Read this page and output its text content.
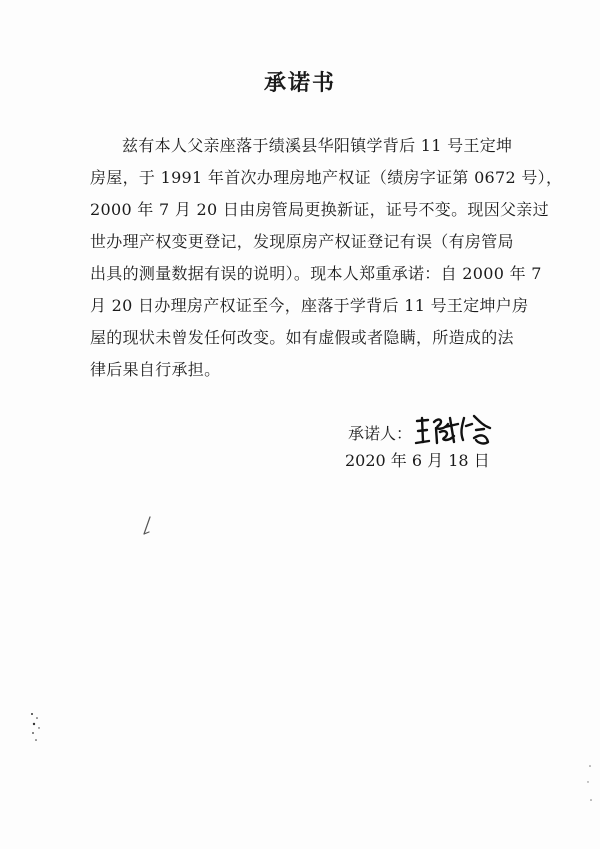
承诺书
兹有本人父亲座落于绩溪县华阳镇学背后 11 号王定坤
房屋，于 1991 年首次办理房地产权证（绩房字证第 0672 号），
2000 年 7 月 20 日由房管局更换新证，证号不变。现因父亲过
世办理产权变更登记，发现原房产权证登记有误（有房管局
出具的测量数据有误的说明）。现本人郑重承诺：自 2000 年 7
月 20 日办理房产权证至今，座落于学背后 11 号王定坤户房
屋的现状未曾发任何改变。如有虚假或者隐瞒，所造成的法
律后果自行承担。
承诺人：
2020 年 6 月 18 日
